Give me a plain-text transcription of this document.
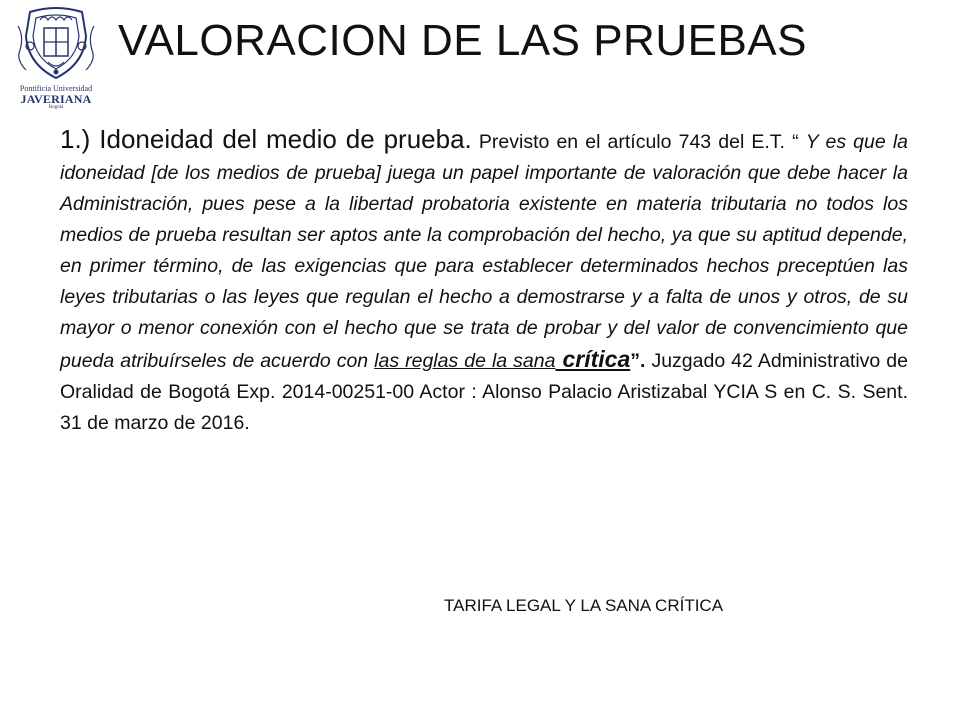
Pontificia Universidad
JAVERIANA
Bogotá
VALORACION DE LAS PRUEBAS
1.) Idoneidad del medio de prueba. Previsto en el artículo 743 del E.T. “ Y es que la idoneidad [de los medios de prueba] juega un papel importante de valoración que debe hacer la Administración, pues pese a la libertad probatoria existente en materia tributaria no todos los medios de prueba resultan ser aptos ante la comprobación del hecho, ya que su aptitud depende, en primer término, de las exigencias que para establecer determinados hechos preceptúen las leyes tributarias o las leyes que regulan el hecho a demostrarse y a falta de unos y otros, de su mayor o menor conexión con el hecho que se trata de probar y del valor de convencimiento que pueda atribuírseles de acuerdo con las reglas de la sana crítica”. Juzgado 42 Administrativo de Oralidad de Bogotá Exp. 2014-00251-00 Actor : Alonso Palacio Aristizabal YCIA S en C. S. Sent. 31 de marzo de 2016.
TARIFA LEGAL Y LA SANA CRÍTICA
